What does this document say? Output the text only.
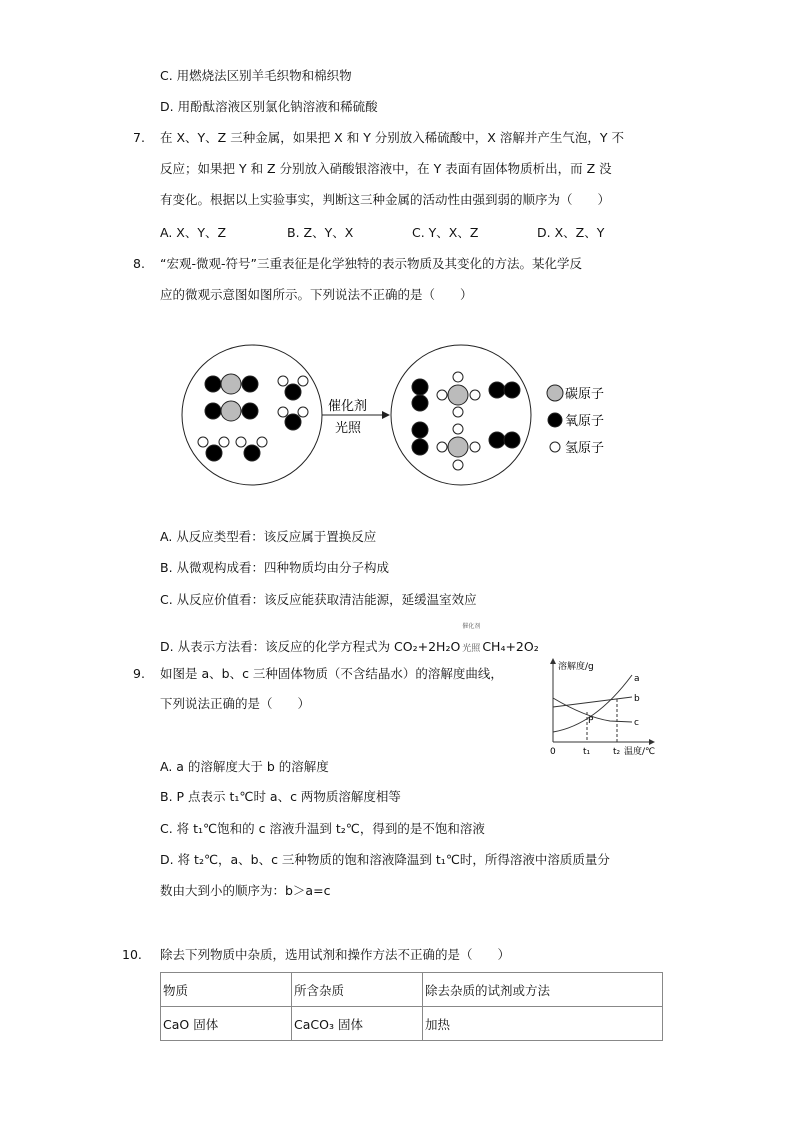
C. 用燃烧法区别羊毛织物和棉织物
D. 用酚酞溶液区别氯化钠溶液和稀硫酸
7. 在 X、Y、Z 三种金属，如果把 X 和 Y 分别放入稀硫酸中，X 溶解并产生气泡，Y 不
反应；如果把 Y 和 Z 分别放入硝酸银溶液中，在 Y 表面有固体物质析出，而 Z 没
有变化。根据以上实验事实，判断这三种金属的活动性由强到弱的顺序为（　　）
A. X、Y、Z	B. Z、Y、X	C. Y、X、Z	D. X、Z、Y
8. “宏观-微观-符号”三重表征是化学独特的表示物质及其变化的方法。某化学反
应的微观示意图如图所示。下列说法不正确的是（　　）
催化剂
光照
碳原子
氧原子
氢原子
A. 从反应类型看：该反应属于置换反应
B. 从微观构成看：四种物质均由分子构成
C. 从反应价值看：该反应能获取清洁能源，延缓温室效应
D. 从表示方法看：该反应的化学方程式为 CO₂+2H₂O
催化剂
光照 CH₄+2O₂
9. 如图是 a、b、c 三种固体物质（不含结晶水）的溶解度曲线，
下列说法正确的是（　　）
溶解度/g
a
b
c
P
0	t₁	t₂ 温度/℃
A. a 的溶解度大于 b 的溶解度
B. P 点表示 t₁℃时 a、c 两物质溶解度相等
C. 将 t₁℃饱和的 c 溶液升温到 t₂℃，得到的是不饱和溶液
D. 将 t₂℃，a、b、c 三种物质的饱和溶液降温到 t₁℃时，所得溶液中溶质质量分
数由大到小的顺序为：b＞a=c
10. 除去下列物质中杂质，选用试剂和操作方法不正确的是（　　）
物质	所含杂质	除去杂质的试剂或方法
CaO 固体	CaCO₃ 固体	加热
